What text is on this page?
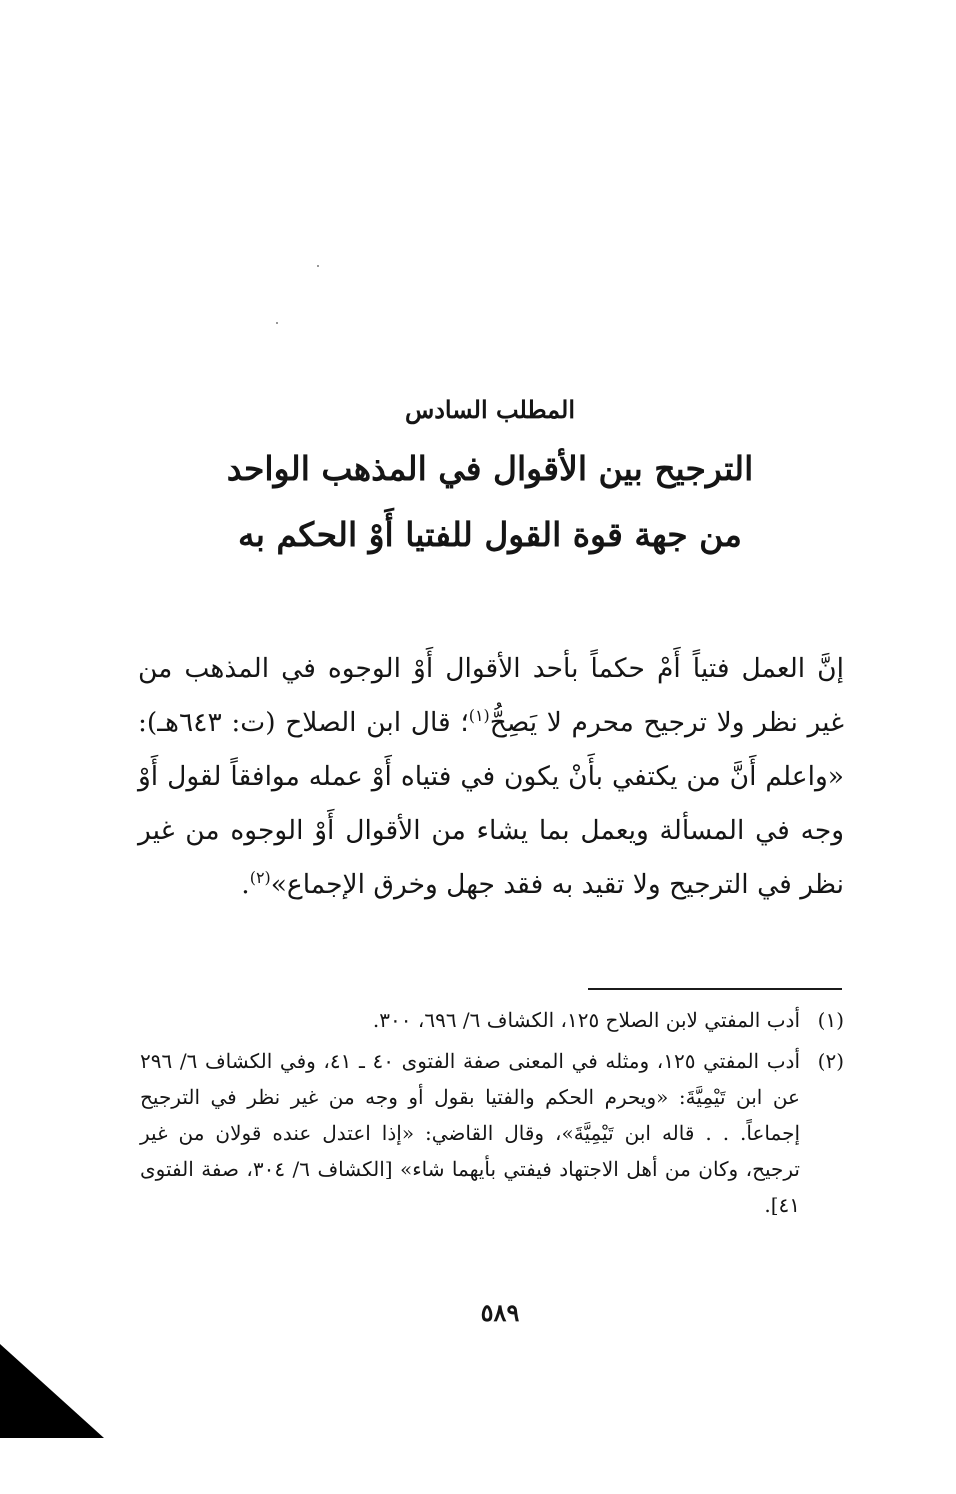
المطلب السادس
الترجيح بين الأقوال في المذهب الواحد
من جهة قوة القول للفتيا أَوْ الحكم به

إنَّ العمل فتياً أَمْ حكماً بأحد الأقوال أَوْ الوجوه في المذهب من غير نظر ولا ترجيح محرم لا يَصِحُّ$^{(١)}$؛ قال ابن الصلاح (ت: ٦٤٣هـ): «واعلم أَنَّ من يكتفي بأَنْ يكون في فتياه أَوْ عمله موافقاً لقول أَوْ وجه في المسألة ويعمل بما يشاء من الأقوال أَوْ الوجوه من غير نظر في الترجيح ولا تقيد به فقد جهل وخرق الإجماع»$^{(٢)}$.

(١)
أدب المفتي لابن الصلاح ١٢٥، الكشاف ٦/ ٦٩٦، ٣٠٠.
(٢)
أدب المفتي ١٢٥، ومثله في المعنى صفة الفتوى ٤٠ ـ ٤١، وفي الكشاف ٦/ ٢٩٦ عن ابن تَيْمِيَّةَ: «ويحرم الحكم والفتيا بقول أو وجه من غير نظر في الترجيح إجماعاً. . . قاله ابن تَيْمِيَّةَ»، وقال القاضي: «إذا اعتدل عنده قولان من غير ترجيح، وكان من أهل الاجتهاد فيفتي بأيهما شاء» [الكشاف ٦/ ٣٠٤، صفة الفتوى ٤١].
٥٨٩
